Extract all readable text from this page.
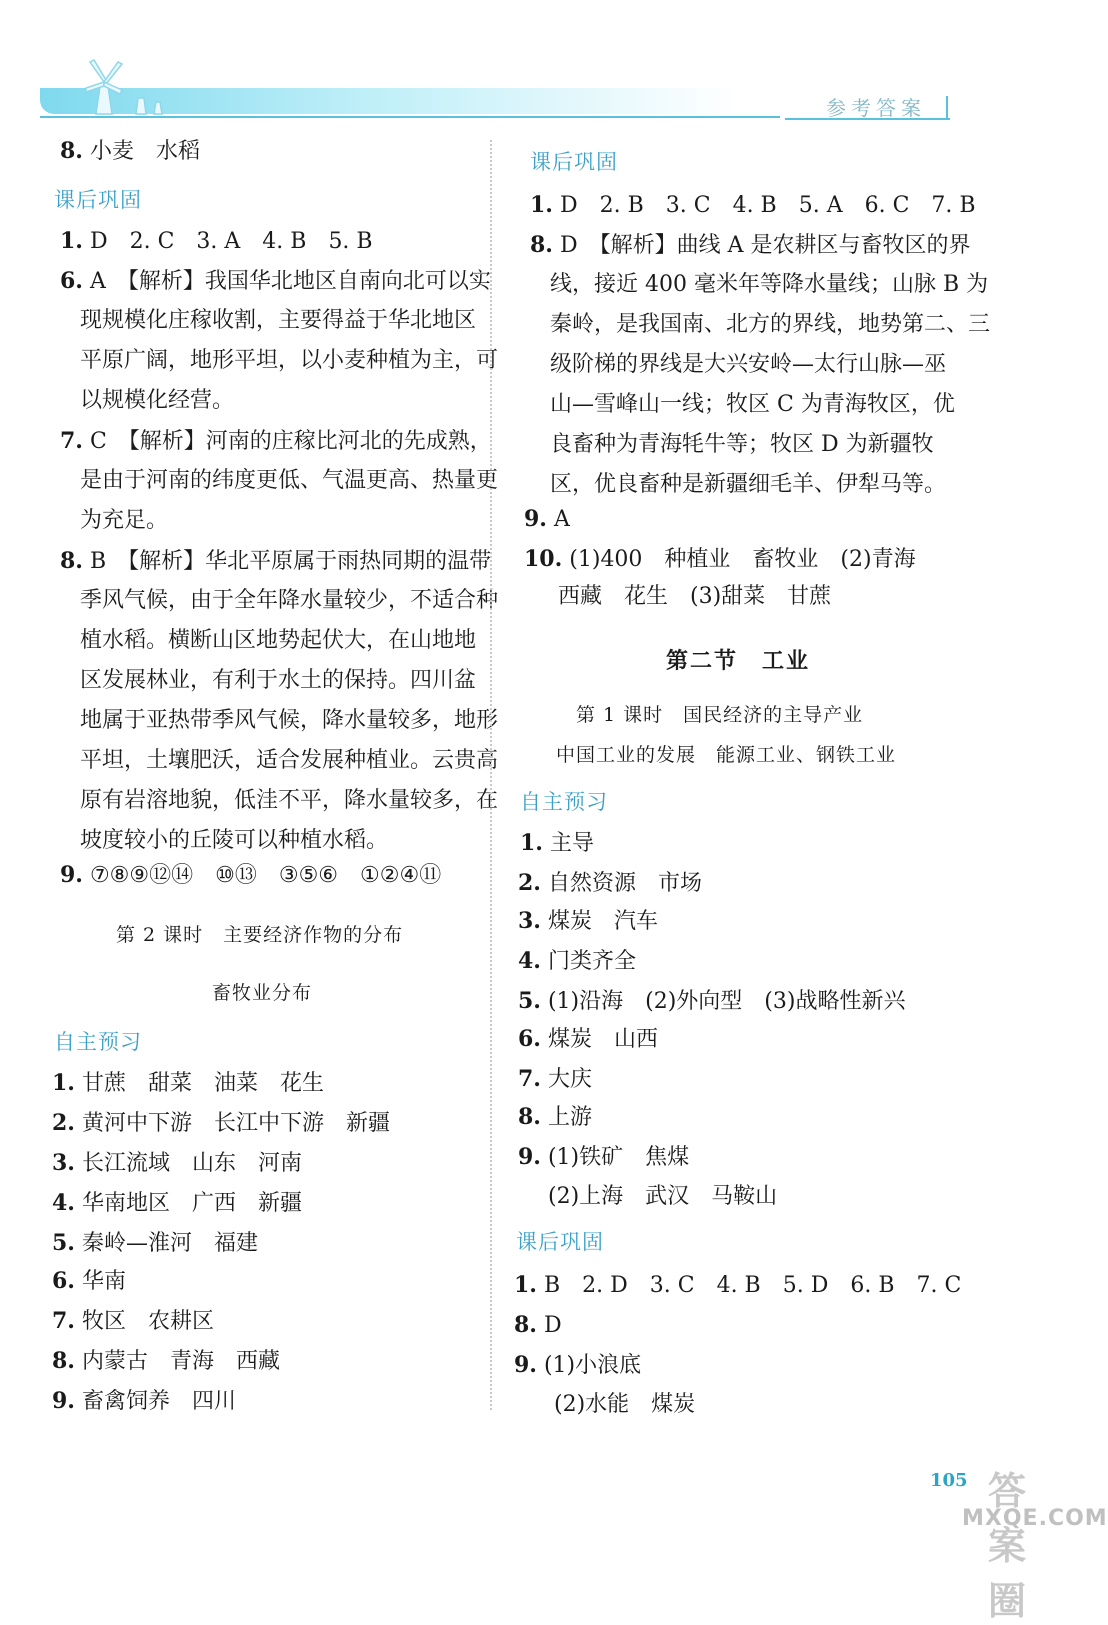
参考答案
8. 小麦　水稻
课后巩固
1. D　2. C　3. A　4. B　5. B
6. A　【解析】我国华北地区自南向北可以实
现规模化庄稼收割，主要得益于华北地区
平原广阔，地形平坦，以小麦种植为主，可
以规模化经营。
7. C　【解析】河南的庄稼比河北的先成熟，
是由于河南的纬度更低、气温更高、热量更
为充足。
8. B　【解析】华北平原属于雨热同期的温带
季风气候，由于全年降水量较少，不适合种
植水稻。横断山区地势起伏大，在山地地
区发展林业，有利于水土的保持。四川盆
地属于亚热带季风气候，降水量较多，地形
平坦，土壤肥沃，适合发展种植业。云贵高
原有岩溶地貌，低洼不平，降水量较多，在
坡度较小的丘陵可以种植水稻。
9. ⑦⑧⑨⑫⑭　⑩⑬　③⑤⑥　①②④⑪
第 2 课时　主要经济作物的分布
畜牧业分布
自主预习
1. 甘蔗　甜菜　油菜　花生
2. 黄河中下游　长江中下游　新疆
3. 长江流域　山东　河南
4. 华南地区　广西　新疆
5. 秦岭—淮河　福建
6. 华南
7. 牧区　农耕区
8. 内蒙古　青海　西藏
9. 畜禽饲养　四川
课后巩固
1. D　2. B　3. C　4. B　5. A　6. C　7. B
8. D　【解析】曲线 A 是农耕区与畜牧区的界
线，接近 400 毫米年等降水量线；山脉 B 为
秦岭，是我国南、北方的界线，地势第二、三
级阶梯的界线是大兴安岭—太行山脉—巫
山—雪峰山一线；牧区 C 为青海牧区，优
良畜种为青海牦牛等；牧区 D 为新疆牧
区，优良畜种是新疆细毛羊、伊犁马等。
9. A
10. (1)400　种植业　畜牧业　(2)青海
　西藏　花生　(3)甜菜　甘蔗
第二节　工业
第 1 课时　国民经济的主导产业
中国工业的发展　能源工业、钢铁工业
自主预习
1. 主导
2. 自然资源　市场
3. 煤炭　汽车
4. 门类齐全
5. (1)沿海　(2)外向型　(3)战略性新兴
6. 煤炭　山西
7. 大庆
8. 上游
9. (1)铁矿　焦煤
　(2)上海　武汉　马鞍山
课后巩固
1. B　2. D　3. C　4. B　5. D　6. B　7. C
8. D
9. (1)小浪底
　(2)水能　煤炭
105 答案圈
MXQE.COM
